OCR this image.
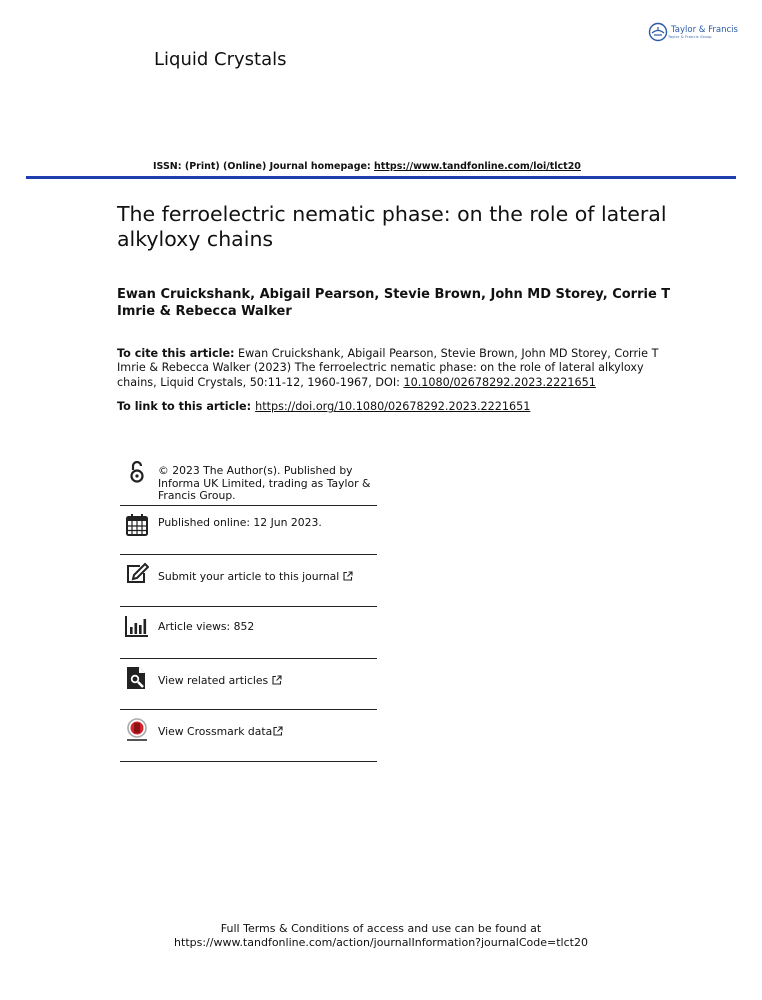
Liquid Crystals
Taylor & Francis
Taylor & Francis Group
ISSN: (Print) (Online) Journal homepage: https://www.tandfonline.com/loi/tlct20
The ferroelectric nematic phase: on the role of lateral alkyloxy chains
Ewan Cruickshank, Abigail Pearson, Stevie Brown, John MD Storey, Corrie T Imrie & Rebecca Walker
To cite this article: Ewan Cruickshank, Abigail Pearson, Stevie Brown, John MD Storey, Corrie T Imrie & Rebecca Walker (2023) The ferroelectric nematic phase: on the role of lateral alkyloxy chains, Liquid Crystals, 50:11-12, 1960-1967, DOI: 10.1080/02678292.2023.2221651
To link to this article: https://doi.org/10.1080/02678292.2023.2221651
© 2023 The Author(s). Published by Informa UK Limited, trading as Taylor & Francis Group.
Published online: 12 Jun 2023.
Submit your article to this journal
Article views: 852
View related articles
View Crossmark data
Full Terms & Conditions of access and use can be found at
https://www.tandfonline.com/action/journalInformation?journalCode=tlct20
